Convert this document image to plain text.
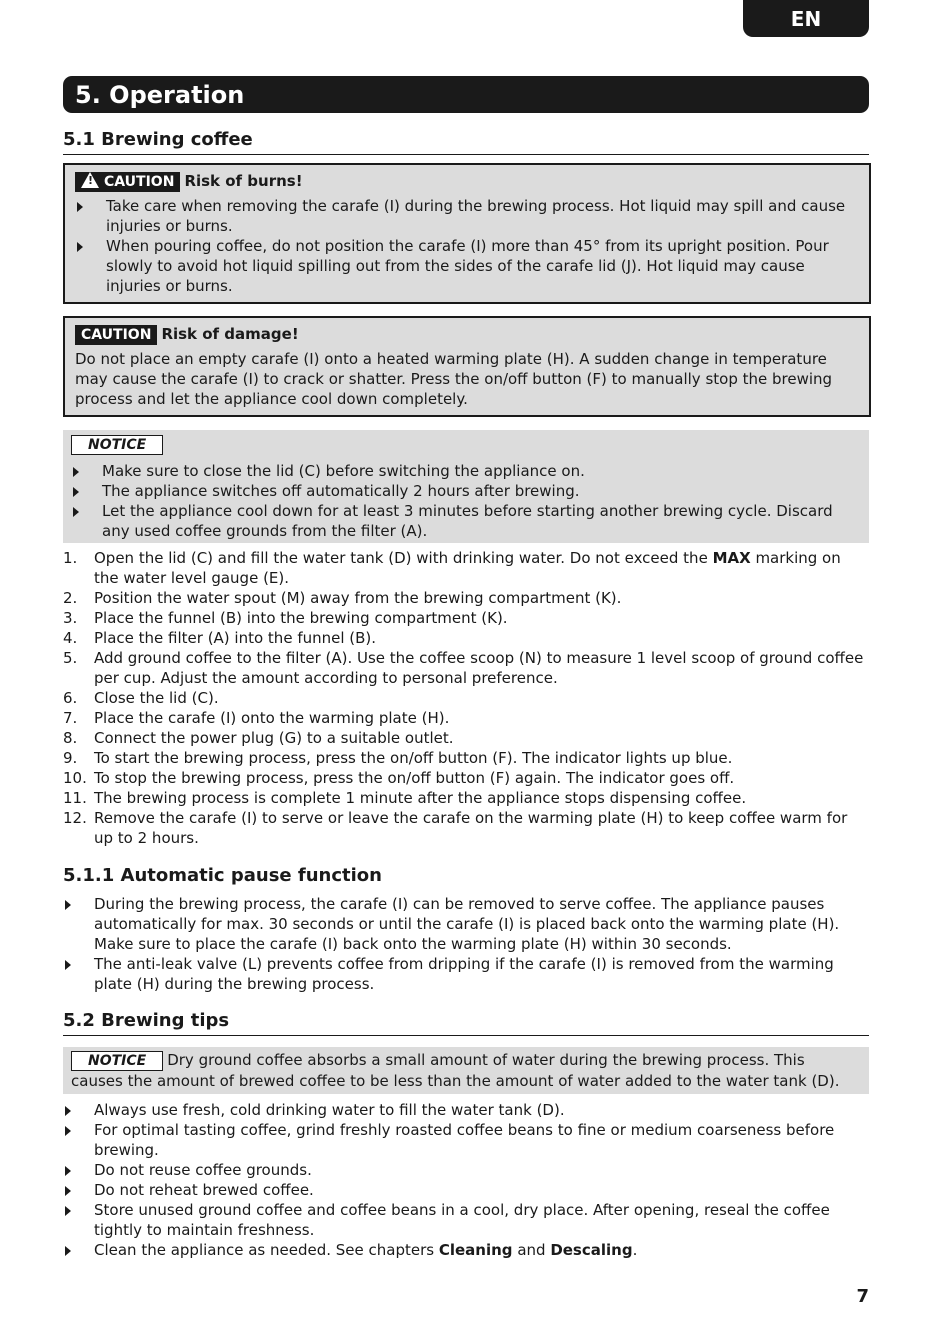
EN
5. Operation
5.1 Brewing coffee
! CAUTION Risk of burns!
Take care when removing the carafe (I) during the brewing process. Hot liquid may spill and cause injuries or burns.
When pouring coffee, do not position the carafe (I) more than 45° from its upright position. Pour slowly to avoid hot liquid spilling out from the sides of the carafe lid (J). Hot liquid may cause injuries or burns.
CAUTION Risk of damage!
Do not place an empty carafe (I) onto a heated warming plate (H). A sudden change in temperature may cause the carafe (I) to crack or shatter. Press the on/off button (F) to manually stop the brewing process and let the appliance cool down completely.
NOTICE
Make sure to close the lid (C) before switching the appliance on.
The appliance switches off automatically 2 hours after brewing.
Let the appliance cool down for at least 3 minutes before starting another brewing cycle. Discard any used coffee grounds from the filter (A).
1. Open the lid (C) and fill the water tank (D) with drinking water. Do not exceed the MAX marking on the water level gauge (E).
2. Position the water spout (M) away from the brewing compartment (K).
3. Place the funnel (B) into the brewing compartment (K).
4. Place the filter (A) into the funnel (B).
5. Add ground coffee to the filter (A). Use the coffee scoop (N) to measure 1 level scoop of ground coffee per cup. Adjust the amount according to personal preference.
6. Close the lid (C).
7. Place the carafe (I) onto the warming plate (H).
8. Connect the power plug (G) to a suitable outlet.
9. To start the brewing process, press the on/off button (F). The indicator lights up blue.
10. To stop the brewing process, press the on/off button (F) again. The indicator goes off.
11. The brewing process is complete 1 minute after the appliance stops dispensing coffee.
12. Remove the carafe (I) to serve or leave the carafe on the warming plate (H) to keep coffee warm for up to 2 hours.
5.1.1 Automatic pause function
During the brewing process, the carafe (I) can be removed to serve coffee. The appliance pauses automatically for max. 30 seconds or until the carafe (I) is placed back onto the warming plate (H). Make sure to place the carafe (I) back onto the warming plate (H) within 30 seconds.
The anti-leak valve (L) prevents coffee from dripping if the carafe (I) is removed from the warming plate (H) during the brewing process.
5.2 Brewing tips
NOTICE Dry ground coffee absorbs a small amount of water during the brewing process. This causes the amount of brewed coffee to be less than the amount of water added to the water tank (D).
Always use fresh, cold drinking water to fill the water tank (D).
For optimal tasting coffee, grind freshly roasted coffee beans to fine or medium coarseness before brewing.
Do not reuse coffee grounds.
Do not reheat brewed coffee.
Store unused ground coffee and coffee beans in a cool, dry place. After opening, reseal the coffee tightly to maintain freshness.
Clean the appliance as needed. See chapters Cleaning and Descaling.
7
